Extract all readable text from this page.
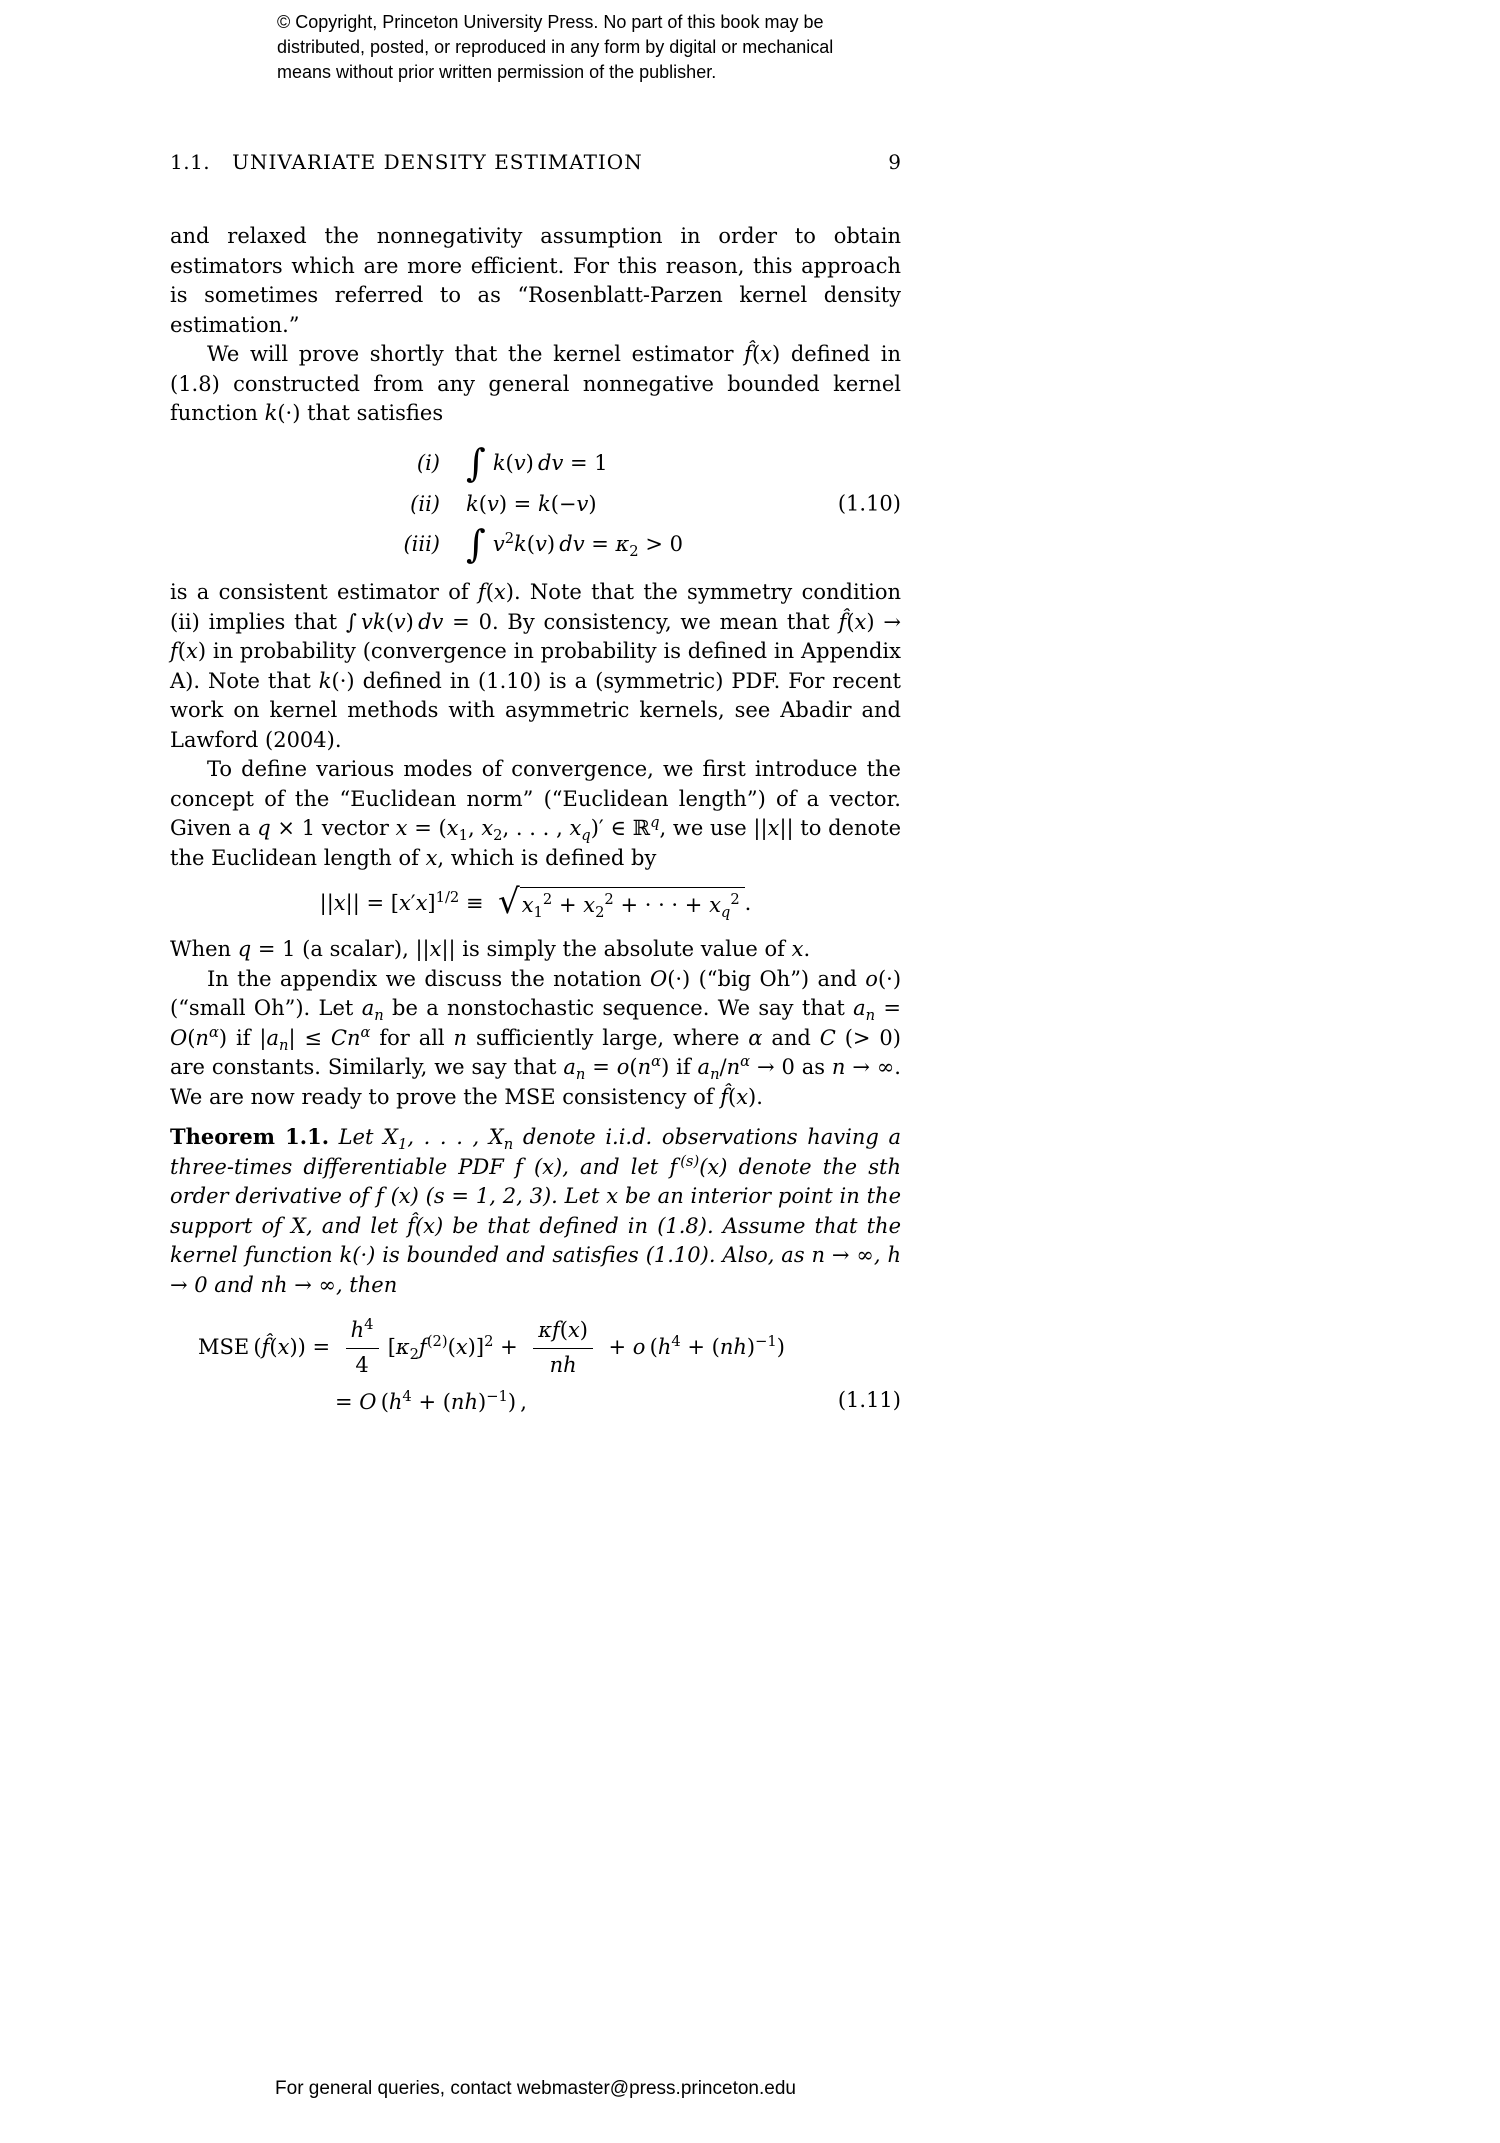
© Copyright, Princeton University Press. No part of this book may be
distributed, posted, or reproduced in any form by digital or mechanical
means without prior written permission of the publisher.
1.1. UNIVARIATE DENSITY ESTIMATION	9

and relaxed the nonnegativity assumption in order to obtain estimators which are more efficient. For this reason, this approach is sometimes referred to as “Rosenblatt-Parzen kernel density estimation.”

We will prove shortly that the kernel estimator f̂(x) defined in (1.8) constructed from any general nonnegative bounded kernel function k(·) that satisfies

(i) ∫ k(v) dv = 1
(ii) k(v) = k(−v)
(iii) ∫ $v^2k(v)$ dv = $\kappa_2 > 0$
(1.10)

is a consistent estimator of f(x). Note that the symmetry condition (ii) implies that ∫ vk(v) dv = 0. By consistency, we mean that f̂(x) → f(x) in probability (convergence in probability is defined in Appendix A). Note that k(·) defined in (1.10) is a (symmetric) PDF. For recent work on kernel methods with asymmetric kernels, see Abadir and Lawford (2004).

To define various modes of convergence, we first introduce the concept of the “Euclidean norm” (“Euclidean length”) of a vector. Given a q × 1 vector $x = (x_1$, $x_2$, . . . , $x_q)'$ ∈ ℝ$^q$, we use ||x|| to denote the Euclidean length of x, which is defined by

$||x|| = [x'x]^{1/2}$ ≡  √ $x_1^2 + x_2^2$ + · · · + $x_q^2$ .

When q = 1 (a scalar), ||x|| is simply the absolute value of x.

In the appendix we discuss the notation O(·) (“big Oh”) and o(·) (“small Oh”). Let $a_n$ be a nonstochastic sequence. We say that $a_n = O(n^\alpha)$ if $|a_n| \le Cn^\alpha$ for all n sufficiently large, where α and C (> 0) are constants. Similarly, we say that $a_n = o(n^\alpha)$ if $a_n/n^\alpha \to 0$ as n → ∞. We are now ready to prove the MSE consistency of f̂(x).

Theorem 1.1. Let $X_1$, . . . , $X_n$ denote i.i.d. observations having a three-times differentiable PDF f (x), and let f $^{(s)}$(x) denote the sth order derivative of f (x) (s = 1, 2, 3). Let x be an interior point in the support of X, and let f̂(x) be that defined in (1.8). Assume that the kernel function k(·) is bounded and satisfies (1.10). Also, as n → ∞, h → 0 and nh → ∞, then

MSE (f̂(x)) =  $\frac{h^4}{4} [\kappa_2f^{(2)}(x)]^2$ +  $\frac{\kappa f(x)}{nh}$  + o $(h^4 + (nh)^{-1})$
= O $(h^4 + (nh)^{-1})$ ,	(1.11)
For general queries, contact webmaster@press.princeton.edu
